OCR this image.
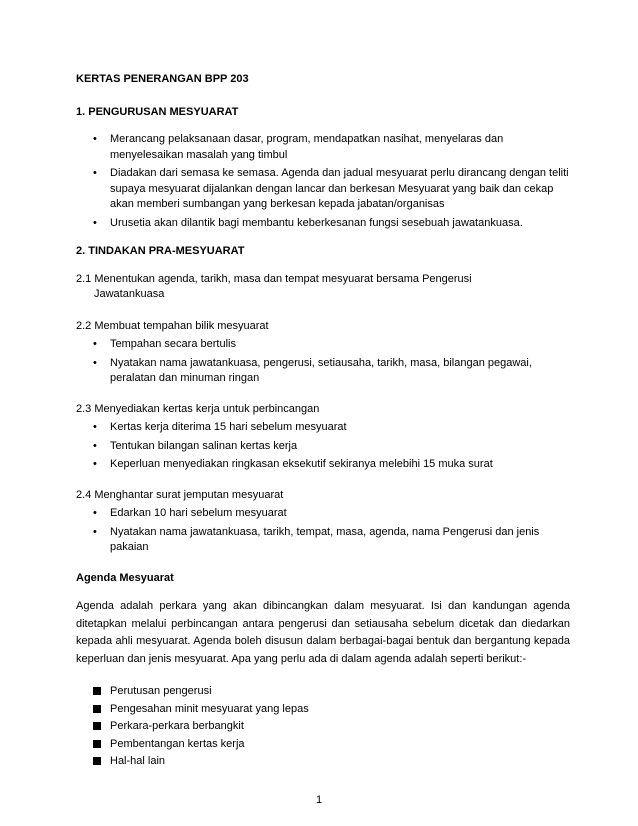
KERTAS PENERANGAN BPP 203
1. PENGURUSAN MESYUARAT
• Merancang pelaksanaan dasar, program, mendapatkan nasihat, menyelaras dan menyelesaikan masalah yang timbul
• Diadakan dari semasa ke semasa. Agenda dan jadual mesyuarat perlu dirancang dengan teliti supaya mesyuarat dijalankan dengan lancar dan berkesan Mesyuarat yang baik dan cekap akan memberi sumbangan yang berkesan kepada jabatan/organisas
• Urusetia akan dilantik bagi membantu keberkesanan fungsi sesebuah jawatankuasa.
2. TINDAKAN PRA-MESYUARAT
2.1 Menentukan agenda, tarikh, masa dan tempat mesyuarat bersama Pengerusi
Jawatankuasa
2.2 Membuat tempahan bilik mesyuarat
• Tempahan secara bertulis
• Nyatakan nama jawatankuasa, pengerusi, setiausaha, tarikh, masa, bilangan pegawai, peralatan dan minuman ringan
2.3 Menyediakan kertas kerja untuk perbincangan
• Kertas kerja diterima 15 hari sebelum mesyuarat
• Tentukan bilangan salinan kertas kerja
• Keperluan menyediakan ringkasan eksekutif sekiranya melebihi 15 muka surat
2.4 Menghantar surat jemputan mesyuarat
• Edarkan 10 hari sebelum mesyuarat
• Nyatakan nama jawatankuasa, tarikh, tempat, masa, agenda, nama Pengerusi dan jenis pakaian
Agenda Mesyuarat

Agenda adalah perkara yang akan dibincangkan dalam mesyuarat. Isi dan kandungan agenda ditetapkan melalui perbincangan antara pengerusi dan setiausaha sebelum dicetak dan diedarkan kepada ahli mesyuarat. Agenda boleh disusun dalam berbagai-bagai bentuk dan bergantung kepada keperluan dan jenis mesyuarat. Apa yang perlu ada di dalam agenda adalah seperti berikut:-

Perutusan pengerusi
Pengesahan minit mesyuarat yang lepas
Perkara-perkara berbangkit
Pembentangan kertas kerja
Hal-hal lain
1
